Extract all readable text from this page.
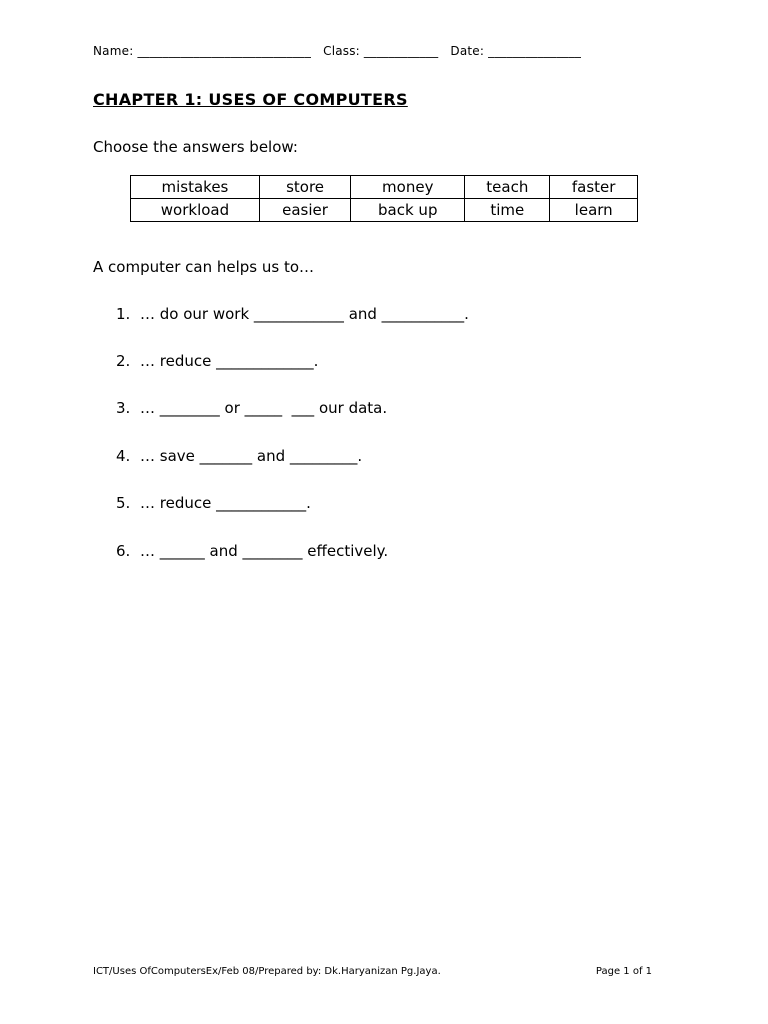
Name: ____________________________ Class: ____________ Date: _______________
CHAPTER 1: USES OF COMPUTERS
Choose the answers below:
mistakes	store	money	teach	faster
workload	easier	back up	time	learn
A computer can helps us to…
1. … do our work ____________ and ___________.
2. … reduce _____________.
3. … ________ or _____  ___ our data.
4. … save _______ and _________.
5. … reduce ____________.
6. … ______ and ________ effectively.
ICT/Uses OfComputersEx/Feb 08/Prepared by: Dk.Haryanizan Pg.Jaya.	Page 1 of 1
